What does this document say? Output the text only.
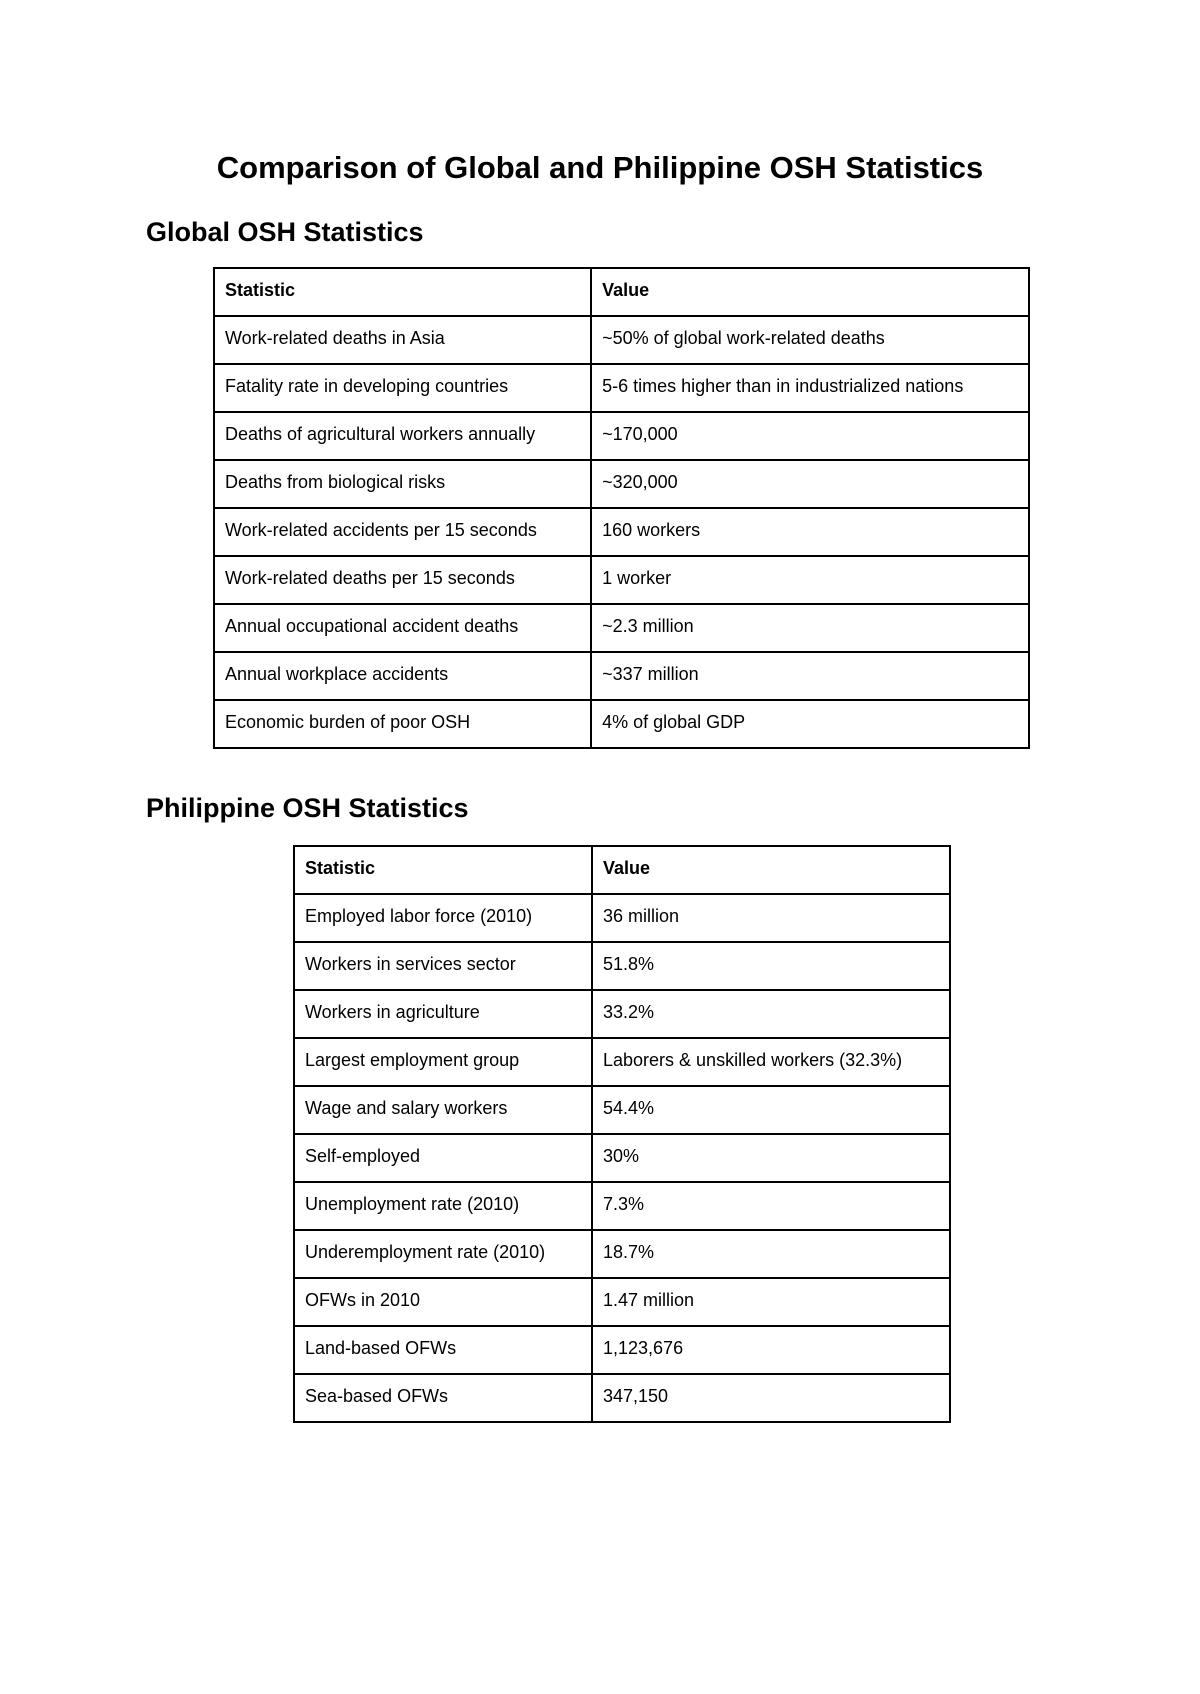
Comparison of Global and Philippine OSH Statistics
Global OSH Statistics
Statistic	Value
Work-related deaths in Asia	~50% of global work-related deaths
Fatality rate in developing countries	5-6 times higher than in industrialized nations
Deaths of agricultural workers annually	~170,000
Deaths from biological risks	~320,000
Work-related accidents per 15 seconds	160 workers
Work-related deaths per 15 seconds	1 worker
Annual occupational accident deaths	~2.3 million
Annual workplace accidents	~337 million
Economic burden of poor OSH	4% of global GDP
Philippine OSH Statistics
Statistic	Value
Employed labor force (2010)	36 million
Workers in services sector	51.8%
Workers in agriculture	33.2%
Largest employment group	Laborers & unskilled workers (32.3%)
Wage and salary workers	54.4%
Self-employed	30%
Unemployment rate (2010)	7.3%
Underemployment rate (2010)	18.7%
OFWs in 2010	1.47 million
Land-based OFWs	1,123,676
Sea-based OFWs	347,150
